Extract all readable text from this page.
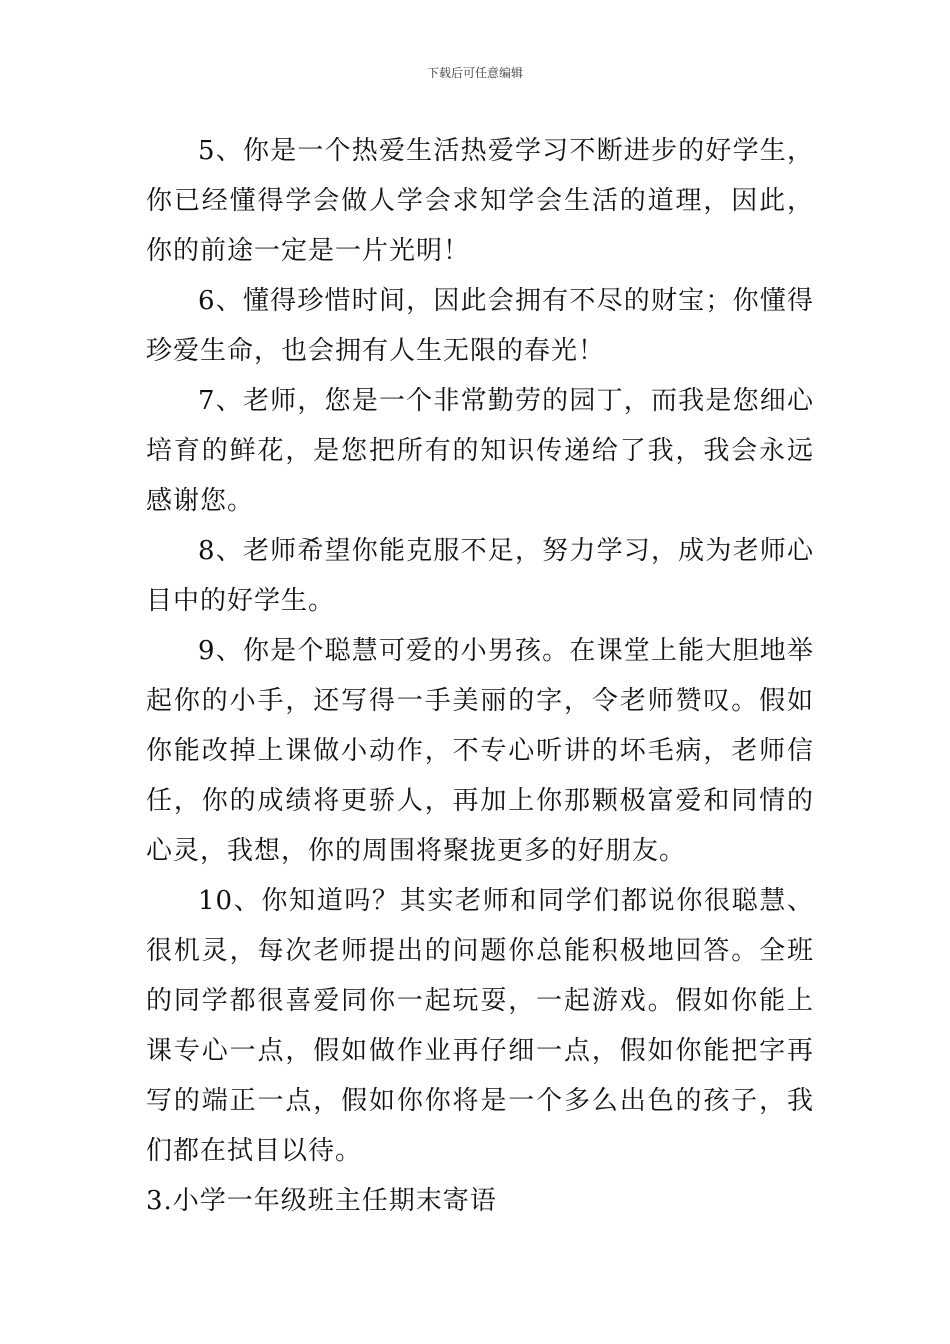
下载后可任意编辑

5、你是一个热爱生活热爱学习不断进步的好学生，你已经懂得学会做人学会求知学会生活的道理，因此，你的前途一定是一片光明！

6、懂得珍惜时间，因此会拥有不尽的财宝；你懂得珍爱生命，也会拥有人生无限的春光！

7、老师，您是一个非常勤劳的园丁，而我是您细心培育的鲜花，是您把所有的知识传递给了我，我会永远感谢您。

8、老师希望你能克服不足，努力学习，成为老师心目中的好学生。

9、你是个聪慧可爱的小男孩。在课堂上能大胆地举起你的小手，还写得一手美丽的字，令老师赞叹。假如你能改掉上课做小动作，不专心听讲的坏毛病，老师信任，你的成绩将更骄人，再加上你那颗极富爱和同情的心灵，我想，你的周围将聚拢更多的好朋友。

10、你知道吗？其实老师和同学们都说你很聪慧、很机灵，每次老师提出的问题你总能积极地回答。全班的同学都很喜爱同你一起玩耍，一起游戏。假如你能上课专心一点，假如做作业再仔细一点，假如你能把字再写的端正一点，假如你你将是一个多么出色的孩子，我们都在拭目以待。

3.小学一年级班主任期末寄语
